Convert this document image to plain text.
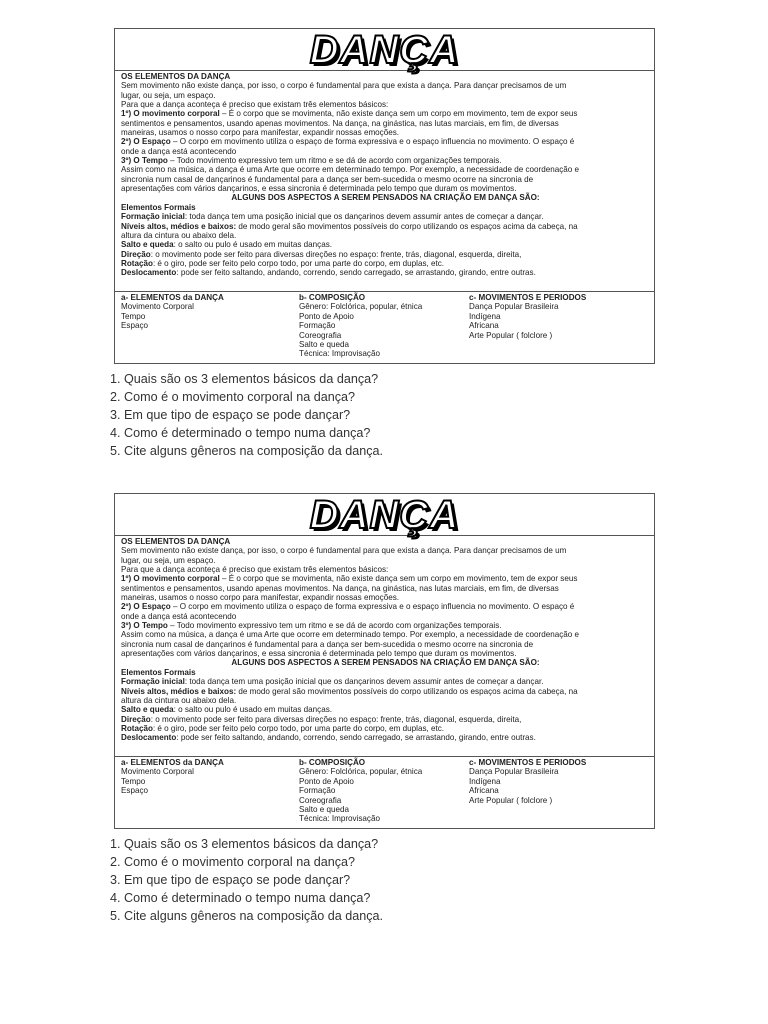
DANÇA

OS ELEMENTOS DA DANÇA

Sem movimento não existe dança, por isso, o corpo é fundamental para que exista a dança. Para dançar precisamos de um

lugar, ou seja, um espaço.

Para que a dança aconteça é preciso que existam três elementos básicos:

1º) O movimento corporal – É o corpo que se movimenta, não existe dança sem um corpo em movimento, tem de expor seus

sentimentos e pensamentos, usando apenas movimentos. Na dança, na ginástica, nas lutas marciais, em fim, de diversas

maneiras, usamos o nosso corpo para manifestar, expandir nossas emoções.

2º) O Espaço – O corpo em movimento utiliza o espaço de forma expressiva e o espaço influencia no movimento. O espaço é

onde a dança está acontecendo

3º) O Tempo – Todo movimento expressivo tem um ritmo e se dá de acordo com organizações temporais.

Assim como na música, a dança é uma Arte que ocorre em determinado tempo. Por exemplo, a necessidade de coordenação e

sincronia num casal de dançarinos é fundamental para a dança ser bem-sucedida o mesmo ocorre na sincronia de

apresentações com vários dançarinos, e essa sincronia é determinada pelo tempo que duram os movimentos.

ALGUNS DOS ASPECTOS A SEREM PENSADOS NA CRIAÇÃO EM DANÇA SÃO:

Elementos Formais

Formação inicial: toda dança tem uma posição inicial que os dançarinos devem assumir antes de começar a dançar.

Níveis altos, médios e baixos: de modo geral são movimentos possíveis do corpo utilizando os espaços acima da cabeça, na

altura da cintura ou abaixo dela.

Salto e queda: o salto ou pulo é usado em muitas danças.

Direção: o movimento pode ser feito para diversas direções no espaço: frente, trás, diagonal, esquerda, direita,

Rotação: é o giro, pode ser feito pelo corpo todo, por uma parte do corpo, em duplas, etc.

Deslocamento: pode ser feito saltando, andando, correndo, sendo carregado, se arrastando, girando, entre outras.

a- ELEMENTOS da DANÇA
Movimento Corporal
Tempo
Espaço
b- COMPOSIÇÃO
Gênero: Folclórica, popular, étnica
Ponto de Apoio
Formação
Coreografia
Salto e queda
Técnica: Improvisação
c- MOVIMENTOS E PERIODOS
Dança Popular Brasileira
Indígena
Africana
Arte Popular ( folclore )
1. Quais são os 3 elementos básicos da dança?
2. Como é o movimento corporal na dança?
3. Em que tipo de espaço se pode dançar?
4. Como é determinado o tempo numa dança?
5. Cite alguns gêneros na composição da dança.
DANÇA

OS ELEMENTOS DA DANÇA

Sem movimento não existe dança, por isso, o corpo é fundamental para que exista a dança. Para dançar precisamos de um

lugar, ou seja, um espaço.

Para que a dança aconteça é preciso que existam três elementos básicos:

1º) O movimento corporal – É o corpo que se movimenta, não existe dança sem um corpo em movimento, tem de expor seus

sentimentos e pensamentos, usando apenas movimentos. Na dança, na ginástica, nas lutas marciais, em fim, de diversas

maneiras, usamos o nosso corpo para manifestar, expandir nossas emoções.

2º) O Espaço – O corpo em movimento utiliza o espaço de forma expressiva e o espaço influencia no movimento. O espaço é

onde a dança está acontecendo

3º) O Tempo – Todo movimento expressivo tem um ritmo e se dá de acordo com organizações temporais.

Assim como na música, a dança é uma Arte que ocorre em determinado tempo. Por exemplo, a necessidade de coordenação e

sincronia num casal de dançarinos é fundamental para a dança ser bem-sucedida o mesmo ocorre na sincronia de

apresentações com vários dançarinos, e essa sincronia é determinada pelo tempo que duram os movimentos.

ALGUNS DOS ASPECTOS A SEREM PENSADOS NA CRIAÇÃO EM DANÇA SÃO:

Elementos Formais

Formação inicial: toda dança tem uma posição inicial que os dançarinos devem assumir antes de começar a dançar.

Níveis altos, médios e baixos: de modo geral são movimentos possíveis do corpo utilizando os espaços acima da cabeça, na

altura da cintura ou abaixo dela.

Salto e queda: o salto ou pulo é usado em muitas danças.

Direção: o movimento pode ser feito para diversas direções no espaço: frente, trás, diagonal, esquerda, direita,

Rotação: é o giro, pode ser feito pelo corpo todo, por uma parte do corpo, em duplas, etc.

Deslocamento: pode ser feito saltando, andando, correndo, sendo carregado, se arrastando, girando, entre outras.

a- ELEMENTOS da DANÇA
Movimento Corporal
Tempo
Espaço
b- COMPOSIÇÃO
Gênero: Folclórica, popular, étnica
Ponto de Apoio
Formação
Coreografia
Salto e queda
Técnica: Improvisação
c- MOVIMENTOS E PERIODOS
Dança Popular Brasileira
Indígena
Africana
Arte Popular ( folclore )
1. Quais são os 3 elementos básicos da dança?
2. Como é o movimento corporal na dança?
3. Em que tipo de espaço se pode dançar?
4. Como é determinado o tempo numa dança?
5. Cite alguns gêneros na composição da dança.
